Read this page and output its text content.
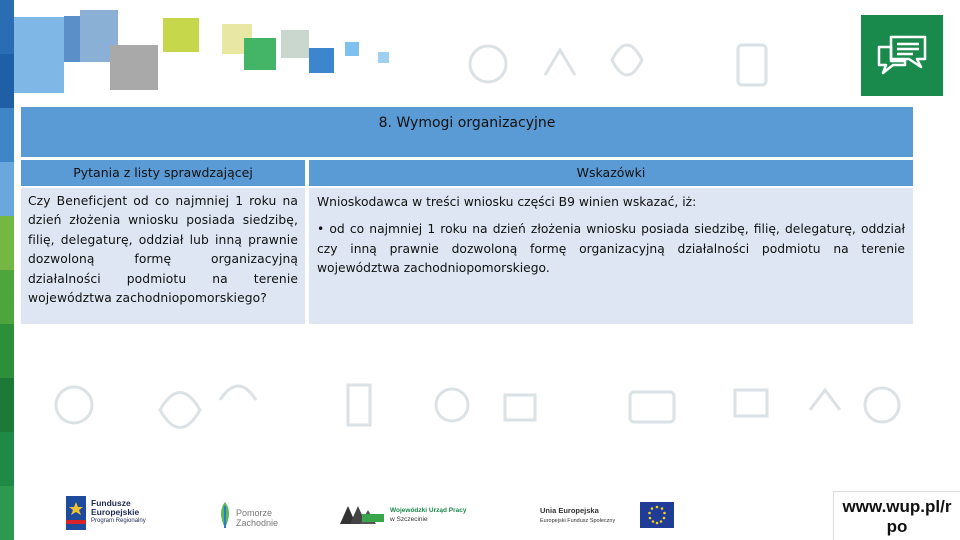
8. Wymogi organizacyjne
Pytania z listy sprawdzającej	Wskazówki

Czy Beneficjent od co najmniej 1 roku na dzień złożenia wniosku posiada siedzibę, filię, delegaturę, oddział lub inną prawnie dozwoloną formę organizacyjną działalności podmiotu na terenie województwa zachodniopomorskiego?

Wnioskodawca w treści wniosku części B9 winien wskazać, iż:

• od co najmniej 1 roku na dzień złożenia wniosku posiada siedzibę, filię, delegaturę, oddział czy inną prawnie dozwoloną formę organizacyjną działalności podmiotu na terenie województwa zachodniopomorskiego.

Fundusze
Europejskie
Program Regionalny
Pomorze
Zachodnie
Wojewódzki Urząd Pracy
w Szczecinie
Unia Europejska
Europejski Fundusz Społeczny
www.wup.pl/r
po
